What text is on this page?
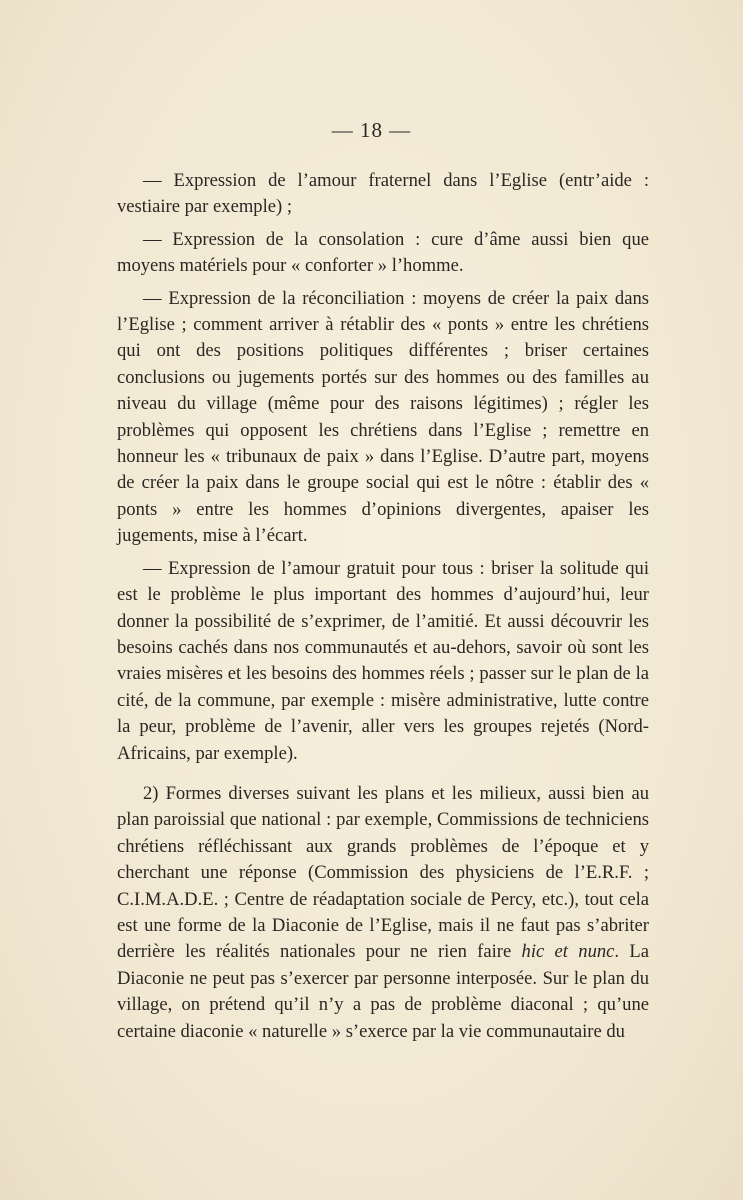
— 18 —

— Expression de l’amour fraternel dans l’Eglise (entr’aide : vestiaire par exemple) ;

— Expression de la consolation : cure d’âme aussi bien que moyens matériels pour « conforter » l’homme.

— Expression de la réconciliation : moyens de créer la paix dans l’Eglise ; comment arriver à rétablir des « ponts » entre les chrétiens qui ont des positions politiques différentes ; briser certaines conclusions ou jugements portés sur des hommes ou des familles au niveau du village (même pour des raisons légitimes) ; régler les problèmes qui opposent les chrétiens dans l’Eglise ; remettre en honneur les « tribunaux de paix » dans l’Eglise. D’autre part, moyens de créer la paix dans le groupe social qui est le nôtre : établir des « ponts » entre les hommes d’opinions divergentes, apaiser les jugements, mise à l’écart.

— Expression de l’amour gratuit pour tous : briser la solitude qui est le problème le plus important des hommes d’aujourd’hui, leur donner la possibilité de s’exprimer, de l’amitié. Et aussi découvrir les besoins cachés dans nos communautés et au-dehors, savoir où sont les vraies misères et les besoins des hommes réels ; passer sur le plan de la cité, de la commune, par exemple : misère administrative, lutte contre la peur, problème de l’avenir, aller vers les groupes rejetés (Nord-Africains, par exemple).

2) Formes diverses suivant les plans et les milieux, aussi bien au plan paroissial que national : par exemple, Commissions de techniciens chrétiens réfléchissant aux grands problèmes de l’époque et y cherchant une réponse (Commission des physiciens de l’E.R.F. ; C.I.M.A.D.E. ; Centre de réadaptation sociale de Percy, etc.), tout cela est une forme de la Diaconie de l’Eglise, mais il ne faut pas s’abriter derrière les réalités nationales pour ne rien faire hic et nunc. La Diaconie ne peut pas s’exercer par personne interposée. Sur le plan du village, on prétend qu’il n’y a pas de problème diaconal ; qu’une certaine diaconie « naturelle » s’exerce par la vie communautaire du
